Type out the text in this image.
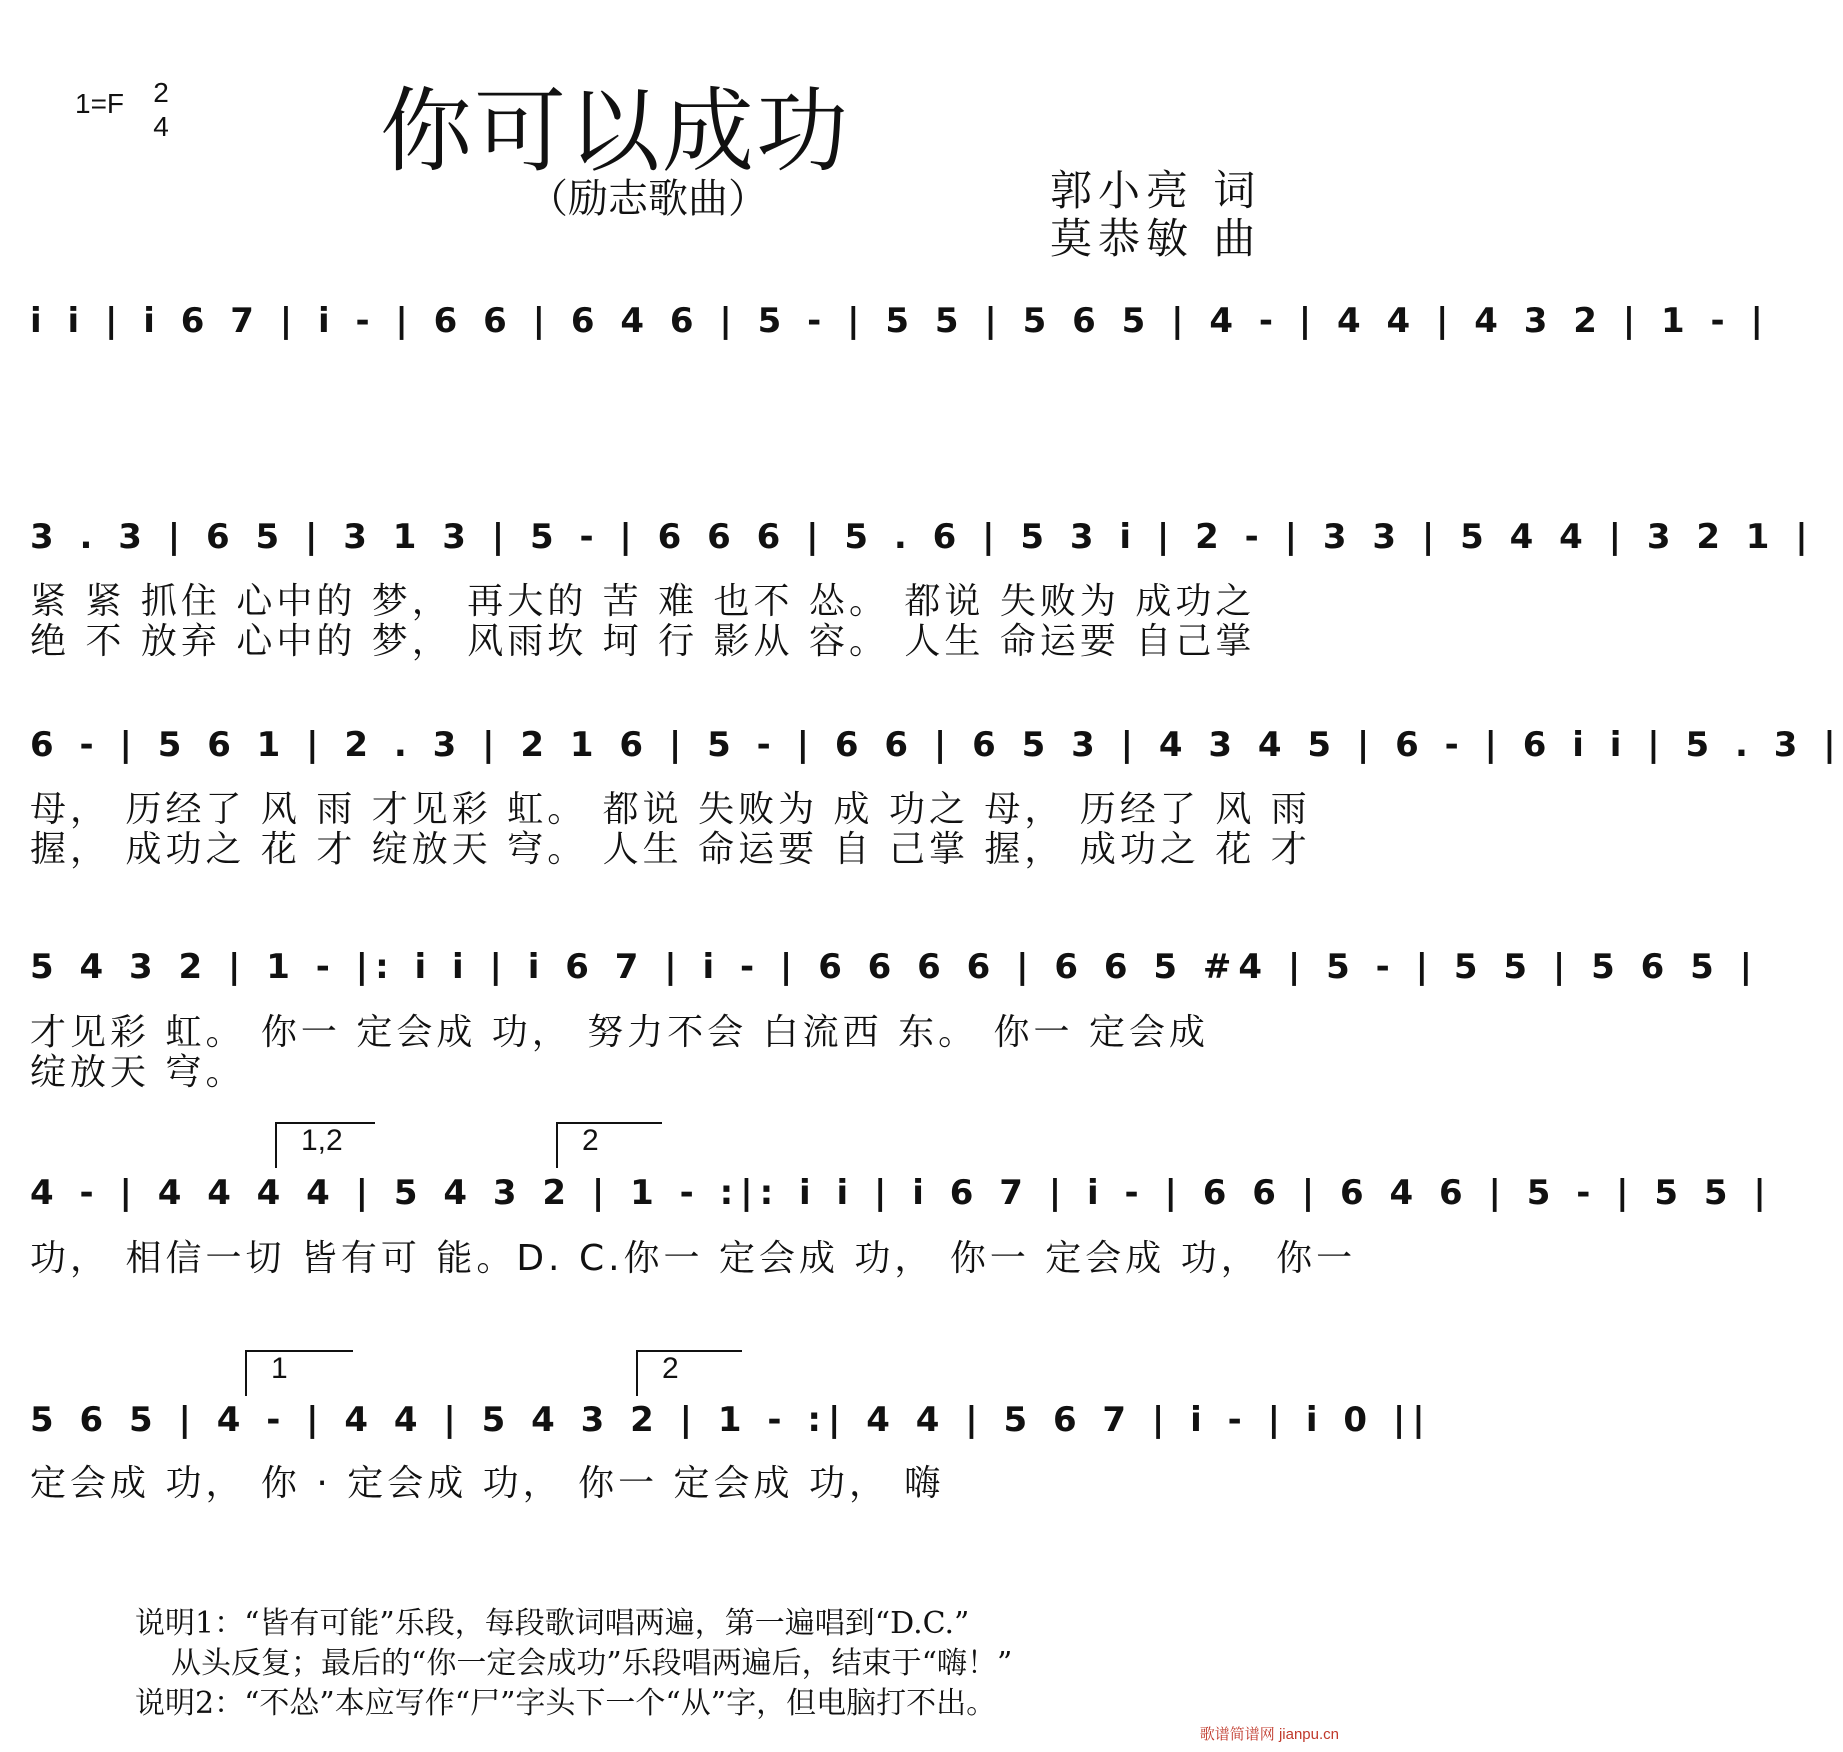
1=F 2
4 你可以成功
（励志歌曲）	郭小亮 词
莫恭敏 曲
i i | i 6 7 | i - | 6 6 | 6 4 6 | 5 - | 5 5 | 5 6 5 | 4 - | 4 4 | 4 3 2 | 1 - |
3 . 3 | 6 5 | 3 1 3 | 5 - | 6 6 6 | 5 . 6 | 5 3 i | 2 - | 3 3 | 5 4 4 | 3 2 1 |
紧 紧 抓住 心中的 梦， 再大的 苦 难 也不 怂。 都说 失败为 成功之
绝 不 放弃 心中的 梦， 风雨坎 坷 行 影从 容。 人生 命运要 自己掌
6 - | 5 6 1 | 2 . 3 | 2 1 6 | 5 - | 6 6 | 6 5 3 | 4 3 4 5 | 6 - | 6 i i | 5 . 3 |
母， 历经了 风 雨 才见彩 虹。 都说 失败为 成 功之 母， 历经了 风 雨
握， 成功之 花 才 绽放天 穹。 人生 命运要 自 己掌 握， 成功之 花 才
5 4 3 2 | 1 - |: i i | i 6 7 | i - | 6 6 6 6 | 6 6 5 #4 | 5 - | 5 5 | 5 6 5 |
才见彩 虹。 你一 定会成 功， 努力不会 白流西 东。 你一 定会成
绽放天 穹。
1,2	2
4 - | 4 4 4 4 | 5 4 3 2 | 1 - :|: i i | i 6 7 | i - | 6 6 | 6 4 6 | 5 - | 5 5 |
功， 相信一切 皆有可 能。D. C.你一 定会成 功， 你一 定会成 功， 你一
1	2
5 6 5 | 4 - | 4 4 | 5 4 3 2 | 1 - :| 4 4 | 5 6 7 | i - | i 0 ||
定会成 功， 你 · 定会成 功， 你一 定会成 功， 嗨
说明1：“皆有可能”乐段，每段歌词唱两遍，第一遍唱到“D.C.”
从头反复；最后的“你一定会成功”乐段唱两遍后，结束于“嗨！”
说明2：“不怂”本应写作“尸”字头下一个“从”字，但电脑打不出。
歌谱简谱网 jianpu.cn
